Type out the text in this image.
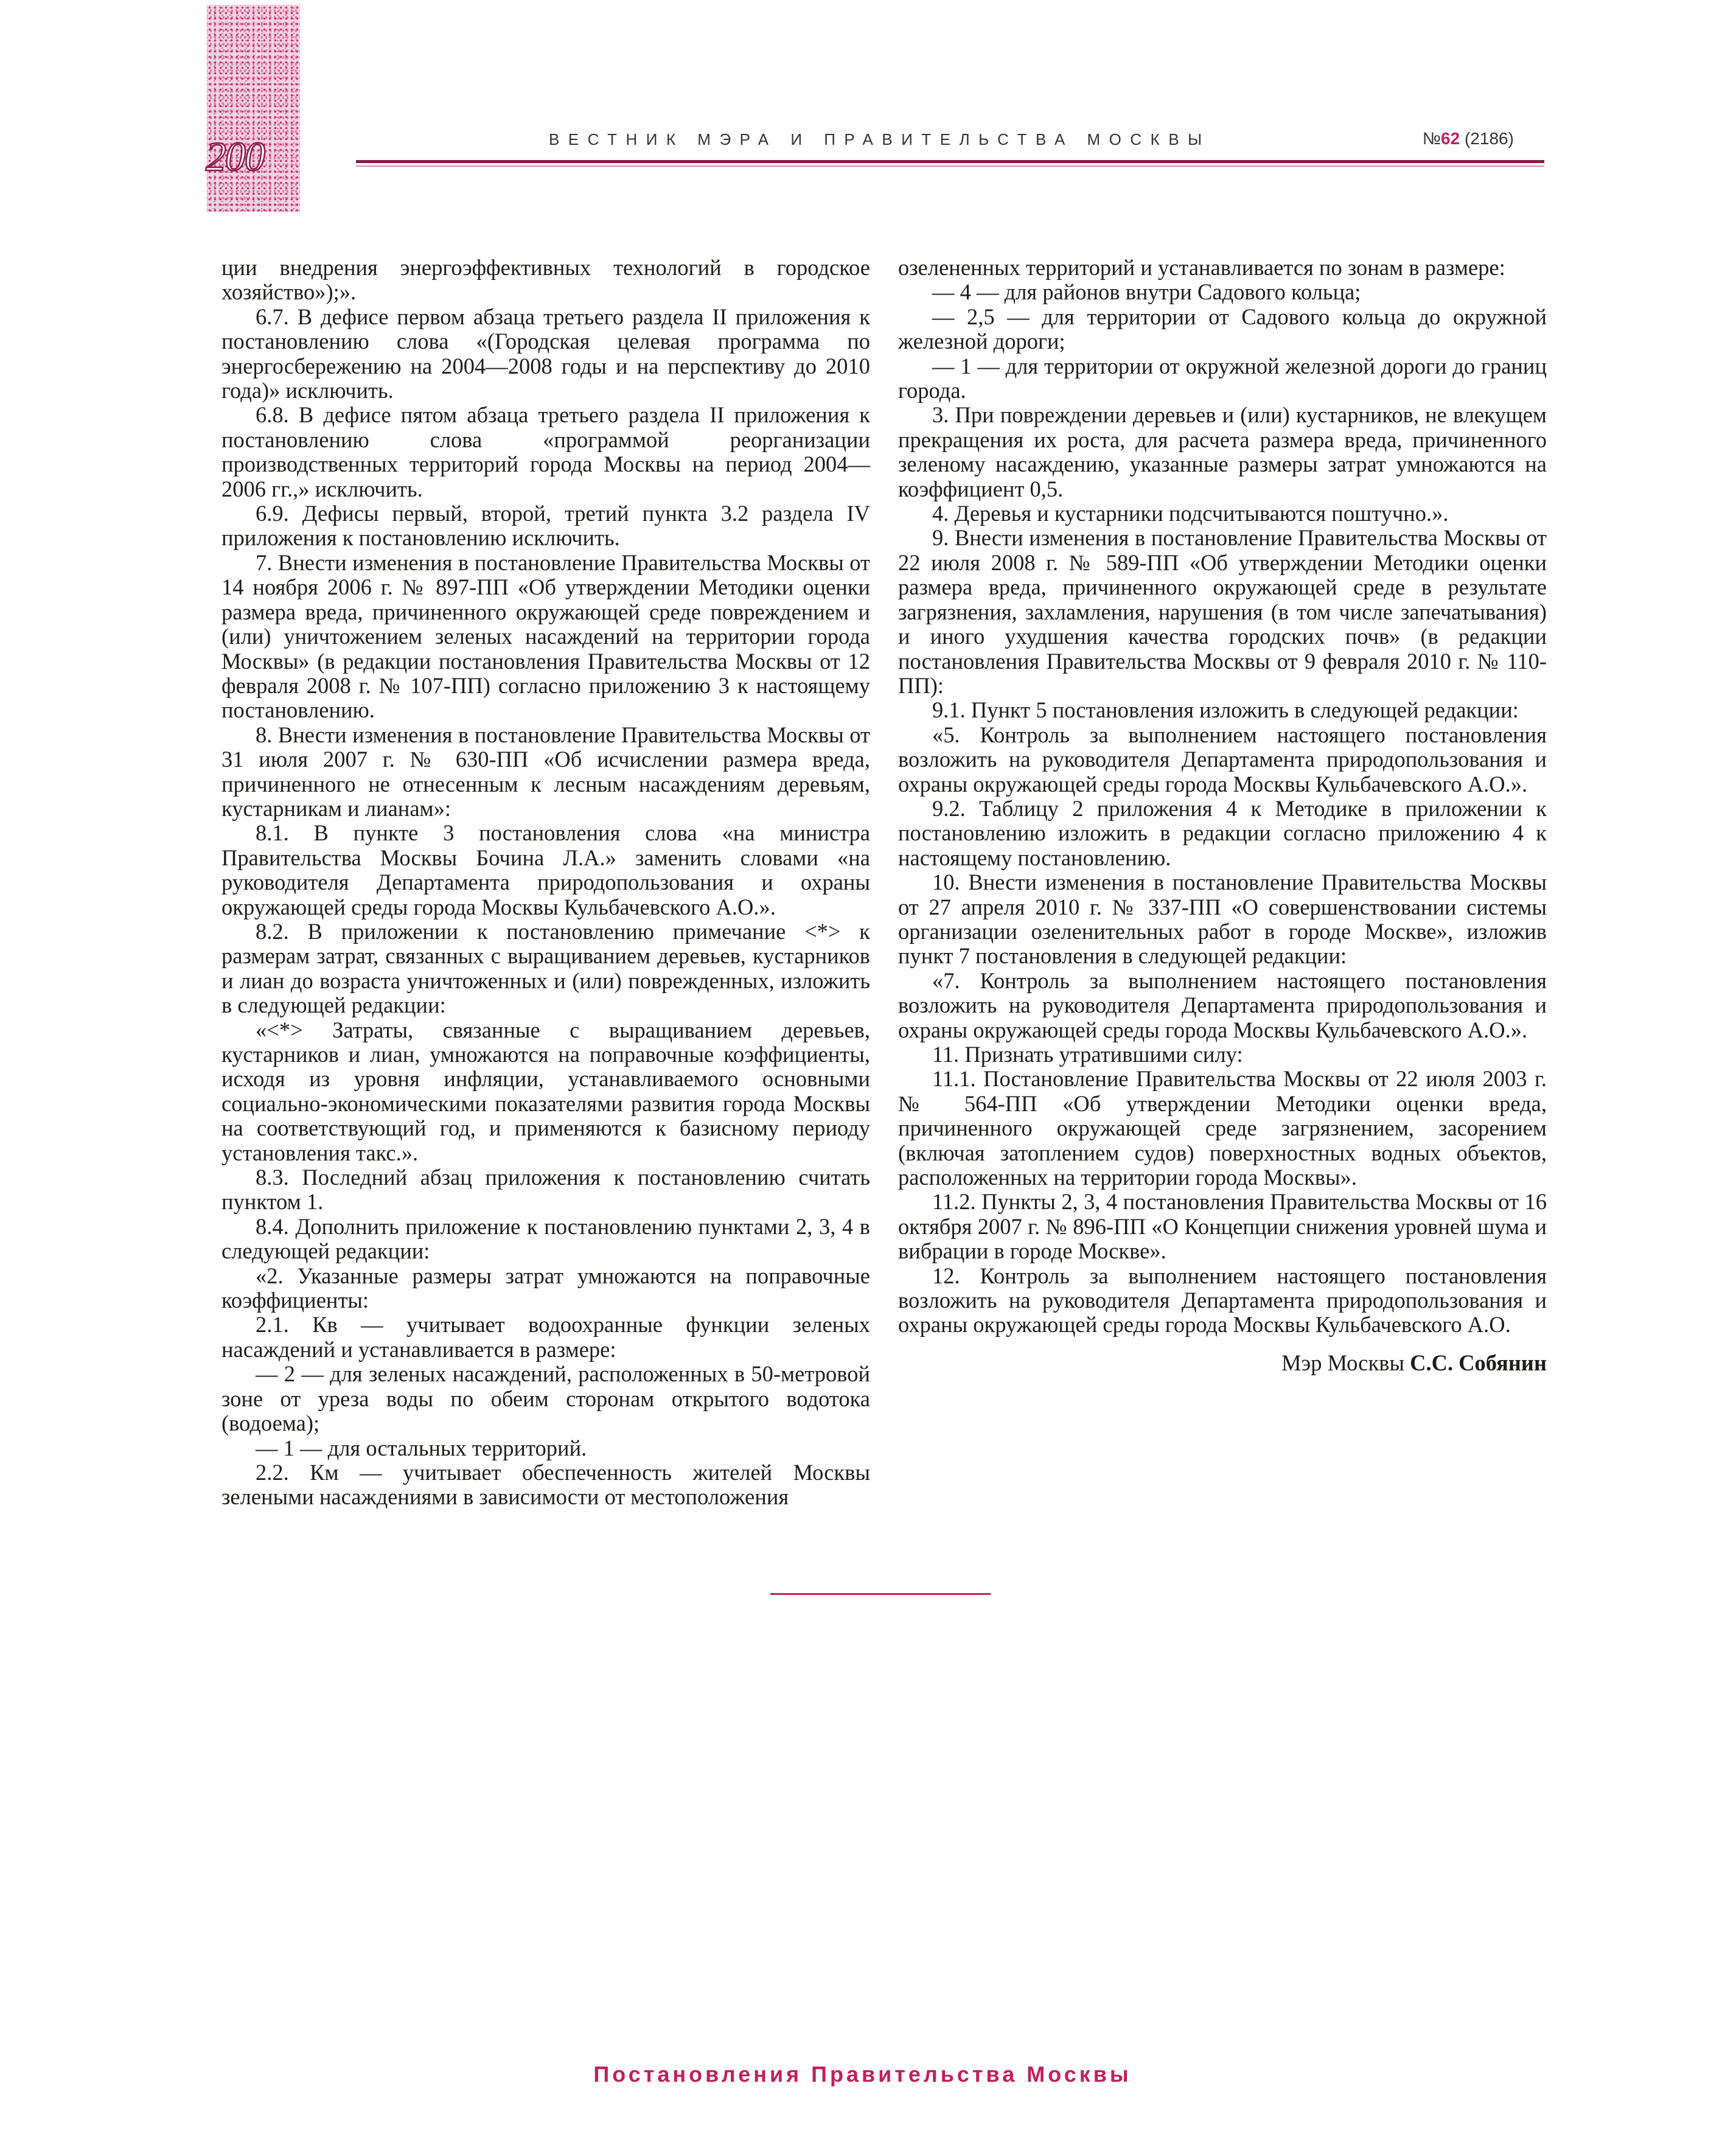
200	ВЕСТНИК МЭРА И ПРАВИТЕЛЬСТВА МОСКВЫ	№62 (2186)

ции внедрения энергоэффективных технологий в городское хозяйство»);».

6.7. В дефисе первом абзаца третьего раздела II приложения к постановлению слова «(Городская целевая программа по энергосбережению на 2004—2008 годы и на перспективу до 2010 года)» исключить.

6.8. В дефисе пятом абзаца третьего раздела II приложения к постановлению слова «программой реорганизации производственных территорий города Москвы на период 2004—2006 гг.,» исключить.

6.9. Дефисы первый, второй, третий пункта 3.2 раздела IV приложения к постановлению исключить.

7. Внести изменения в постановление Правительства Москвы от 14 ноября 2006 г. № 897-ПП «Об утверждении Методики оценки размера вреда, причиненного окружающей среде повреждением и (или) уничтожением зеленых насаждений на территории города Москвы» (в редакции постановления Правительства Москвы от 12 февраля 2008 г. № 107-ПП) согласно приложению 3 к настоящему постановлению.

8. Внести изменения в постановление Правительства Москвы от 31 июля 2007 г. № 630-ПП «Об исчислении размера вреда, причиненного не отнесенным к лесным насаждениям деревьям, кустарникам и лианам»:

8.1. В пункте 3 постановления слова «на министра Правительства Москвы Бочина Л.А.» заменить словами «на руководителя Департамента природопользования и охраны окружающей среды города Москвы Кульбачевского А.О.».

8.2. В приложении к постановлению примечание <*> к размерам затрат, связанных с выращиванием деревьев, кустарников и лиан до возраста уничтоженных и (или) поврежденных, изложить в следующей редакции:

«<*> Затраты, связанные с выращиванием деревьев, кустарников и лиан, умножаются на поправочные коэффициенты, исходя из уровня инфляции, устанавливаемого основными социально-экономическими показателями развития города Москвы на соответствующий год, и применяются к базисному периоду установления такс.».

8.3. Последний абзац приложения к постановлению считать пунктом 1.

8.4. Дополнить приложение к постановлению пунктами 2, 3, 4 в следующей редакции:

«2. Указанные размеры затрат умножаются на поправочные коэффициенты:

2.1. Кв — учитывает водоохранные функции зеленых насаждений и устанавливается в размере:

— 2 — для зеленых насаждений, расположенных в 50-метровой зоне от уреза воды по обеим сторонам открытого водотока (водоема);

— 1 — для остальных территорий.

2.2. Км — учитывает обеспеченность жителей Москвы зелеными насаждениями в зависимости от местоположения

озелененных территорий и устанавливается по зонам в размере:

— 4 — для районов внутри Садового кольца;

— 2,5 — для территории от Садового кольца до окружной железной дороги;

— 1 — для территории от окружной железной дороги до границ города.

3. При повреждении деревьев и (или) кустарников, не влекущем прекращения их роста, для расчета размера вреда, причиненного зеленому насаждению, указанные размеры затрат умножаются на коэффициент 0,5.

4. Деревья и кустарники подсчитываются поштучно.».

9. Внести изменения в постановление Правительства Москвы от 22 июля 2008 г. № 589-ПП «Об утверждении Методики оценки размера вреда, причиненного окружающей среде в результате загрязнения, захламления, нарушения (в том числе запечатывания) и иного ухудшения качества городских почв» (в редакции постановления Правительства Москвы от 9 февраля 2010 г. № 110-ПП):

9.1. Пункт 5 постановления изложить в следующей редакции:

«5. Контроль за выполнением настоящего постановления возложить на руководителя Департамента природопользования и охраны окружающей среды города Москвы Кульбачевского А.О.».

9.2. Таблицу 2 приложения 4 к Методике в приложении к постановлению изложить в редакции согласно приложению 4 к настоящему постановлению.

10. Внести изменения в постановление Правительства Москвы от 27 апреля 2010 г. № 337-ПП «О совершенствовании системы организации озеленительных работ в городе Москве», изложив пункт 7 постановления в следующей редакции:

«7. Контроль за выполнением настоящего постановления возложить на руководителя Департамента природопользования и охраны окружающей среды города Москвы Кульбачевского А.О.».

11. Признать утратившими силу:

11.1. Постановление Правительства Москвы от 22 июля 2003 г. № 564-ПП «Об утверждении Методики оценки вреда, причиненного окружающей среде загрязнением, засорением (включая затоплением судов) поверхностных водных объектов, расположенных на территории города Москвы».

11.2. Пункты 2, 3, 4 постановления Правительства Москвы от 16 октября 2007 г. № 896-ПП «О Концепции снижения уровней шума и вибрации в городе Москве».

12. Контроль за выполнением настоящего постановления возложить на руководителя Департамента природопользования и охраны окружающей среды города Москвы Кульбачевского А.О.

Мэр Москвы С.С. Собянин

Постановления Правительства Москвы
